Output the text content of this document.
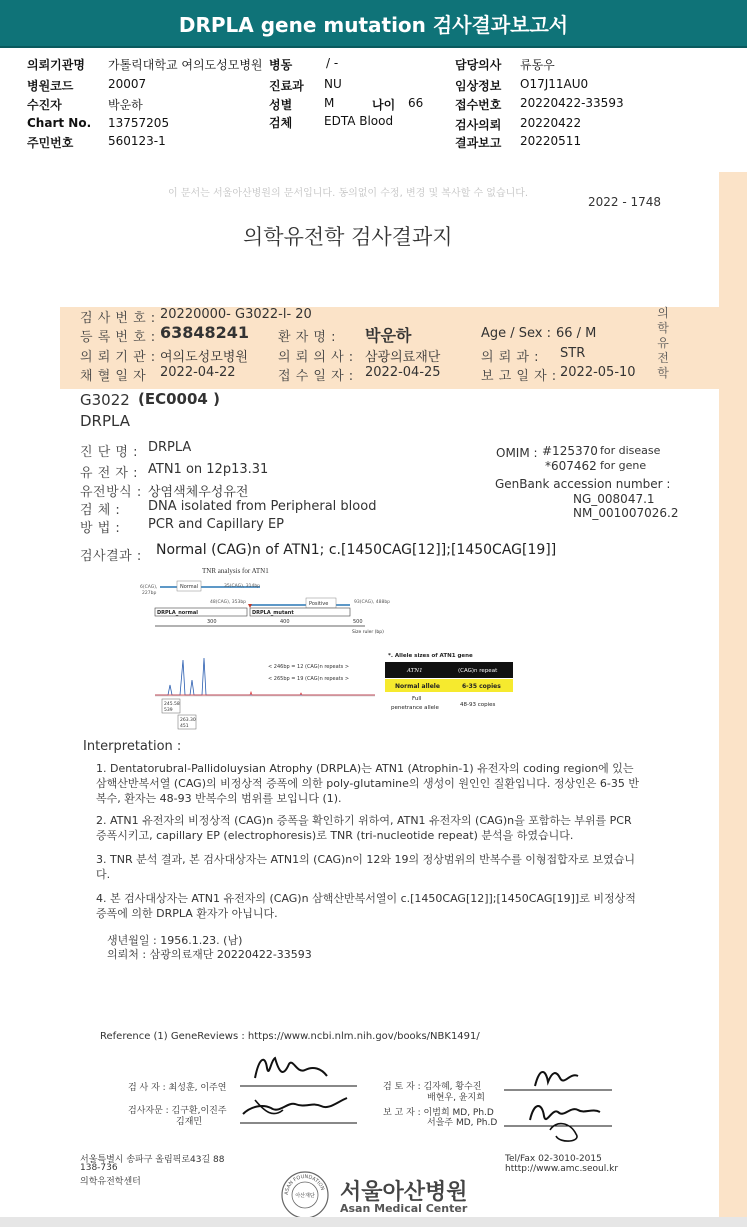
DRPLA gene mutation 검사결과보고서
의뢰기관명 가톨릭대학교 여의도성모병원 병동	/ -	담당의사 류동우
병원코드	20007	진료과 NU	임상정보 O17J11AU0
수진자	박운하	성별	M	나이 66	접수번호 20220422-33593
Chart No. 13757205	검체	EDTA Blood	검사의뢰 20220422
주민번호	560123-1	결과보고 20220511
이 문서는 서울아산병원의 문서입니다. 동의없이 수정, 변경 및 복사할 수 없습니다.
2022 - 1748
의학유전학 검사결과지
의학유전학
검 사 번 호 : 20220000- G3022-l- 20
등 록 번 호 : 63848241 환 자 명 : 박운하	Age / Sex : 66 / M
의 뢰 기 관 : 여의도성모병원 의 뢰 의 사 : 삼광의료재단	의 뢰 과 : STR
채 혈 일 자 2022-04-22	접 수 일 자 : 2022-04-25	보 고 일 자 : 2022-05-10
G3022 (EC0004 )
DRPLA
진 단 명 : DRPLA
유 전 자 : ATN1 on 12p13.31
유전방식 : 상염색체우성유전
검 체 : DNA isolated from Peripheral blood
방 법 : PCR and Capillary EP
OMIM : #125370 for disease
*607462 for gene
GenBank accession number :
NG_008047.1
NM_001007026.2
검사결과 : Normal (CAG)n of ATN1; c.[1450CAG[12]];[1450CAG[19]]
TNR analysis for ATN1
6(CAG),
227bp
Normal	35(CAG), 314bp
48(CAG), 353bp	Positive	93(CAG), 488bp
DRPLA_normal	DRPLA_mutant
300	400	500
Size ruler (bp)
245.58
539
263.30
451
< 246bp = 12 (CAG)n repeats >
< 265bp = 19 (CAG)n repeats >
*. Allele sizes of ATN1 gene
ATN1	(CAG)n repeat
Normal allele	6-35 copies
Full
penetrance allele	48-93 copies
Interpretation :
1. Dentatorubral-Pallidoluysian Atrophy (DRPLA)는 ATN1 (Atrophin-1) 유전자의 coding region에 있는 삼핵산반복서열 (CAG)의 비정상적 증폭에 의한 poly-glutamine의 생성이 원인인 질환입니다. 정상인은 6-35 반복수, 환자는 48-93 반복수의 범위를 보입니다 (1).
2. ATN1 유전자의 비정상적 (CAG)n 증폭을 확인하기 위하여, ATN1 유전자의 (CAG)n을 포함하는 부위를 PCR 증폭시키고, capillary EP (electrophoresis)로 TNR (tri-nucleotide repeat) 분석을 하였습니다.
3. TNR 분석 결과, 본 검사대상자는 ATN1의 (CAG)n이 12와 19의 정상범위의 반복수를 이형접합자로 보였습니다.
4. 본 검사대상자는 ATN1 유전자의 (CAG)n 삼핵산반복서열이 c.[1450CAG[12]];[1450CAG[19]]로 비정상적 증폭에 의한 DRPLA 환자가 아닙니다.
생년월일 : 1956.1.23. (남)
의뢰처 : 삼광의료재단 20220422-33593
Reference (1) GeneReviews : https://www.ncbi.nlm.nih.gov/books/NBK1491/
검 사 자 : 최성훈, 이주연
검사자문 : 김구환,이진주
김재민
검 토 자 : 김자혜, 황수진
배현우, 윤지희
보 고 자 : 이범희 MD, Ph.D
서을주 MD, Ph.D
서울특별시 송파구 올림픽로43길 88
138-736
의학유전학센터
Tel/Fax 02-3010-2015
htttp://www.amc.seoul.kr
ASAN FOUNDATION
아산재단 서울아산병원
Asan Medical Center
